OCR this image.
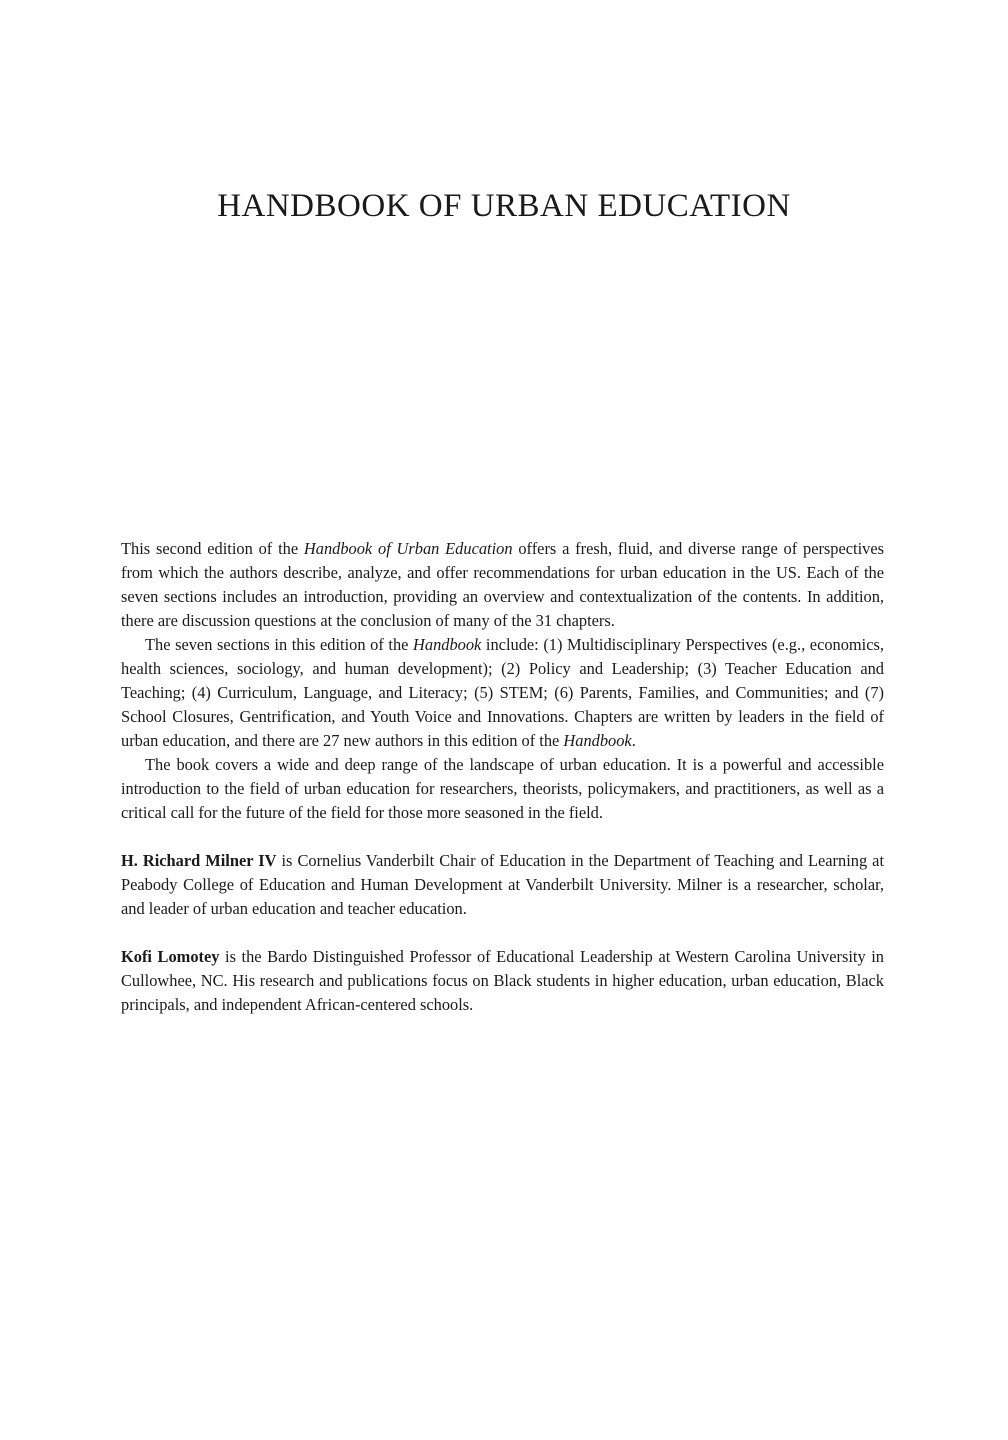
HANDBOOK OF URBAN EDUCATION

This second edition of the Handbook of Urban Education offers a fresh, fluid, and diverse range of perspectives from which the authors describe, analyze, and offer recommendations for urban education in the US. Each of the seven sections includes an introduction, providing an overview and contextualization of the contents. In addition, there are discussion questions at the conclusion of many of the 31 chapters.

The seven sections in this edition of the Handbook include: (1) Multidisciplinary Perspectives (e.g., economics, health sciences, sociology, and human development); (2) Policy and Leadership; (3) Teacher Education and Teaching; (4) Curriculum, Language, and Literacy; (5) STEM; (6) Parents, Families, and Communities; and (7) School Closures, Gentrification, and Youth Voice and Innovations. Chapters are written by leaders in the field of urban education, and there are 27 new authors in this edition of the Handbook.

The book covers a wide and deep range of the landscape of urban education. It is a powerful and accessible introduction to the field of urban education for researchers, theorists, policymakers, and practitioners, as well as a critical call for the future of the field for those more seasoned in the field.

H. Richard Milner IV is Cornelius Vanderbilt Chair of Education in the Department of Teaching and Learning at Peabody College of Education and Human Development at Vanderbilt University. Milner is a researcher, scholar, and leader of urban education and teacher education.

Kofi Lomotey is the Bardo Distinguished Professor of Educational Leadership at Western Carolina University in Cullowhee, NC. His research and publications focus on Black students in higher education, urban education, Black principals, and independent African-centered schools.
